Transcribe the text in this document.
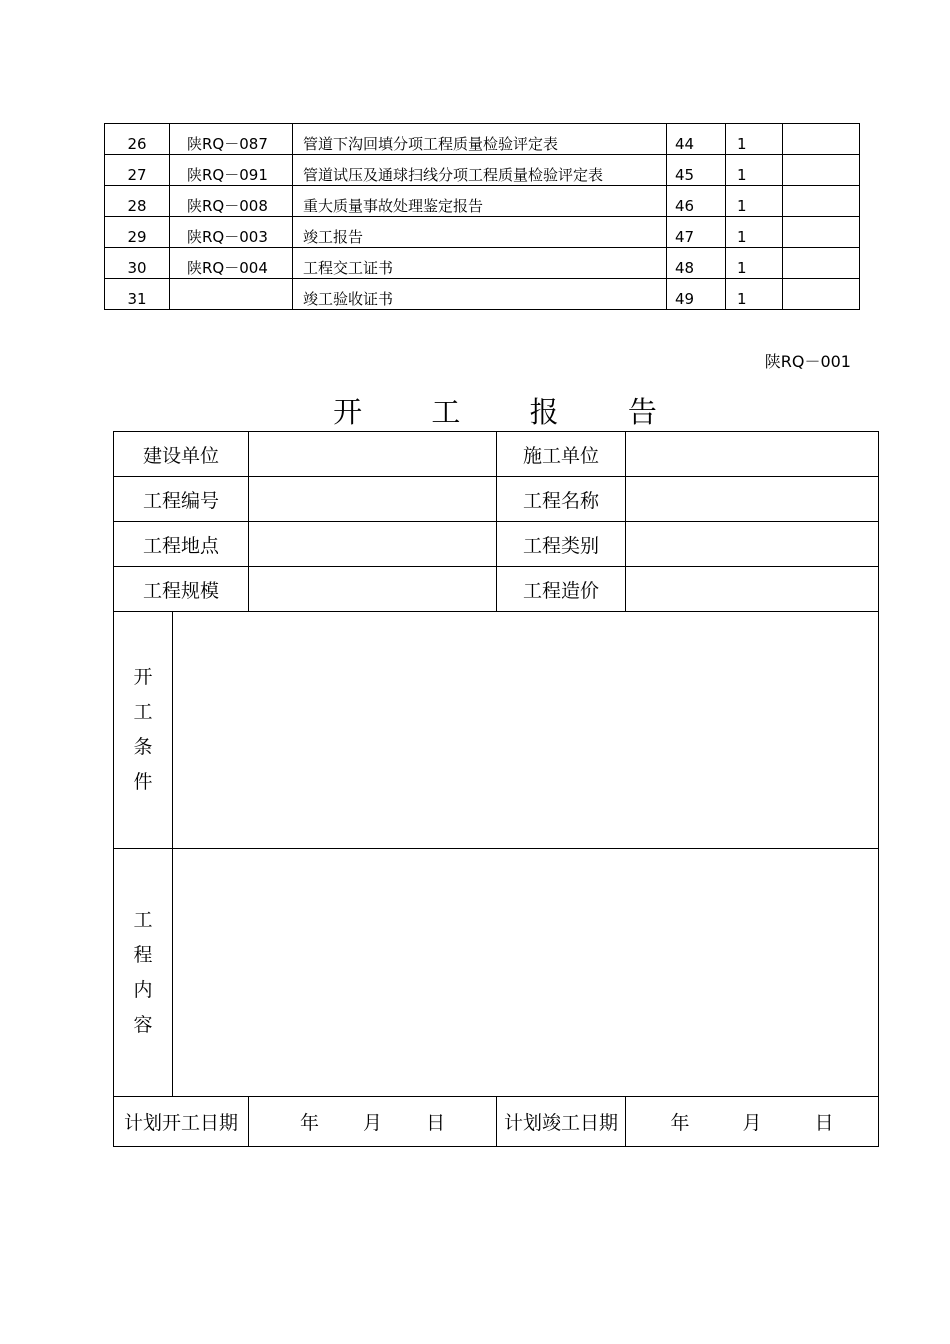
26	陕RQ－087	管道下沟回填分项工程质量检验评定表	44	1	
27	陕RQ－091	管道试压及通球扫线分项工程质量检验评定表	45	1	
28	陕RQ－008	重大质量事故处理鉴定报告	46	1	
29	陕RQ－003	竣工报告	47	1	
30	陕RQ－004	工程交工证书	48	1	
31		竣工验收证书	49	1	
陕RQ－001
开 工 报 告
建设单位			施工单位	
工程编号			工程名称	
工程地点			工程类别	
工程规模			工程造价	

开
工
条
件				

工
程
内
容				

计划开工日期		年 月 日	计划竣工日期	年 月 日
